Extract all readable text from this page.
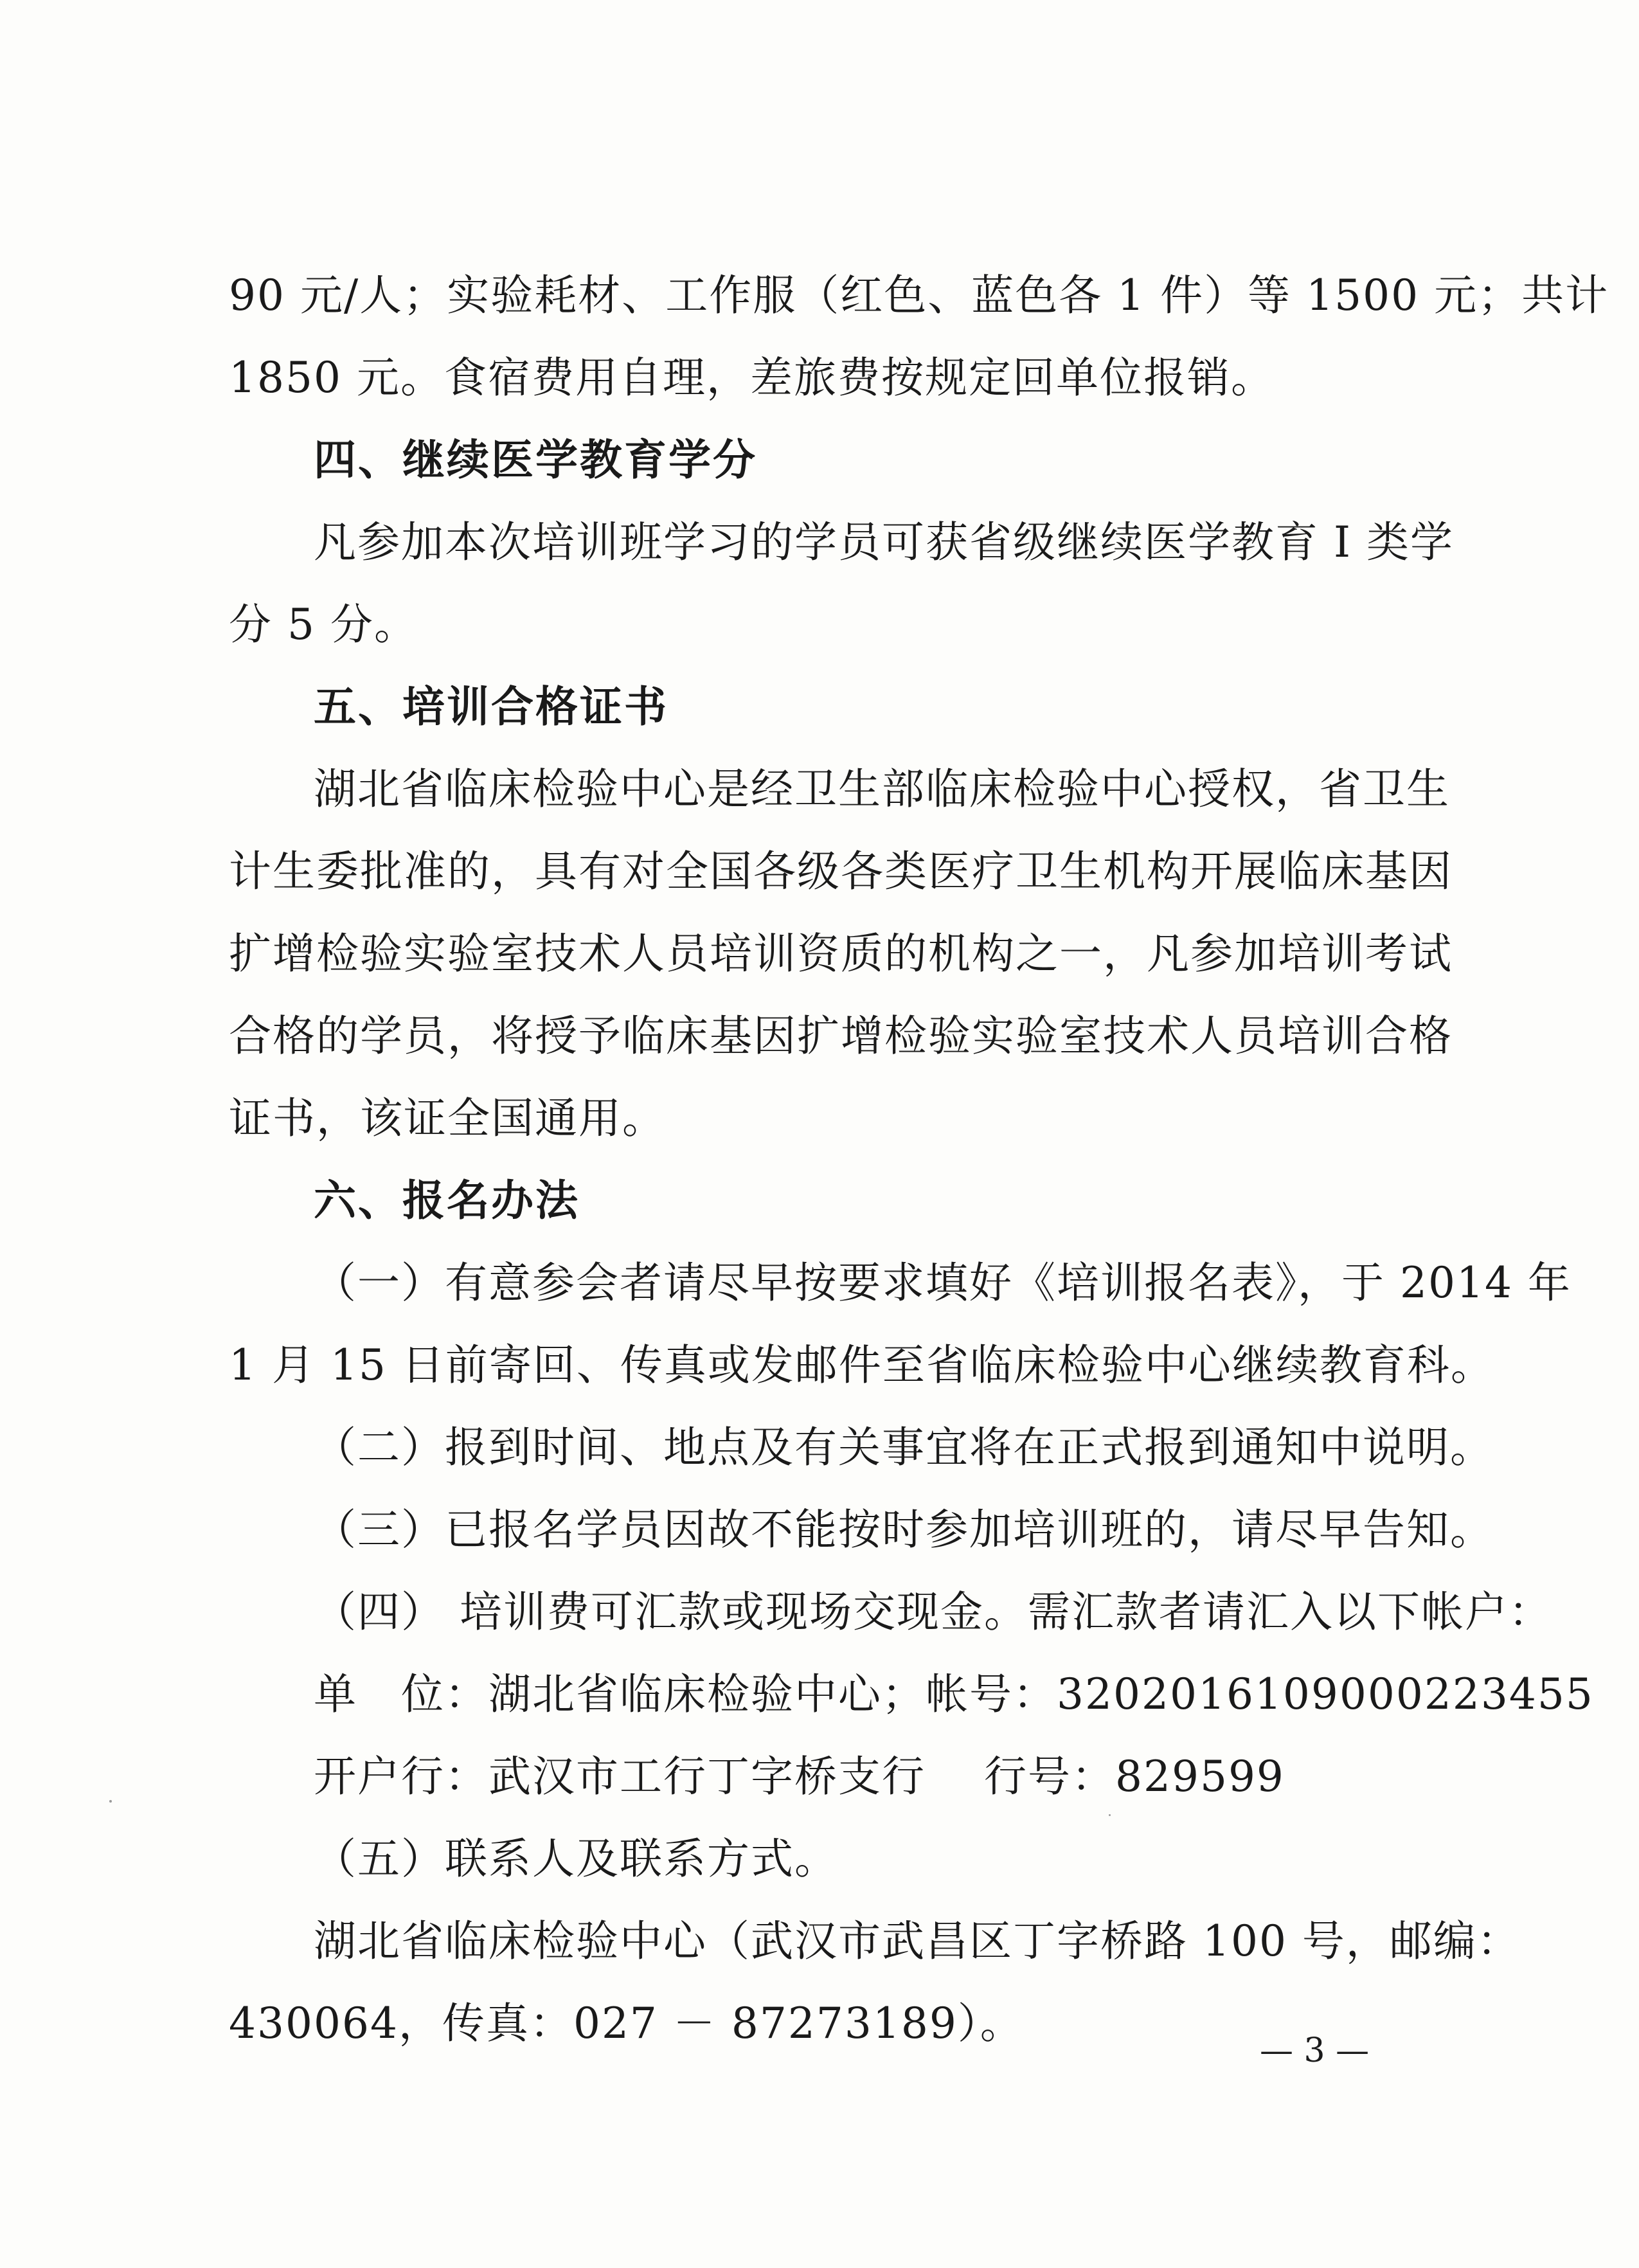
90 元/人；实验耗材、工作服（红色、蓝色各 1 件）等 1500 元；共计
1850 元。食宿费用自理，差旅费按规定回单位报销。
四、继续医学教育学分
凡参加本次培训班学习的学员可获省级继续医学教育 I 类学
分 5 分。
五、培训合格证书
湖北省临床检验中心是经卫生部临床检验中心授权，省卫生
计生委批准的，具有对全国各级各类医疗卫生机构开展临床基因
扩增检验实验室技术人员培训资质的机构之一，凡参加培训考试
合格的学员，将授予临床基因扩增检验实验室技术人员培训合格
证书，该证全国通用。
六、报名办法
（一）有意参会者请尽早按要求填好《培训报名表》，于 2014 年
1 月 15 日前寄回、传真或发邮件至省临床检验中心继续教育科。
（二）报到时间、地点及有关事宜将在正式报到通知中说明。
（三）已报名学员因故不能按时参加培训班的，请尽早告知。
（四） 培训费可汇款或现场交现金。需汇款者请汇入以下帐户：
单　位：湖北省临床检验中心；帐号：3202016109000223455
开户行：武汉市工行丁字桥支行　 行号：829599
（五）联系人及联系方式。
湖北省临床检验中心（武汉市武昌区丁字桥路 100 号，邮编：
430064，传真：027 － 87273189）。
— 3 —
